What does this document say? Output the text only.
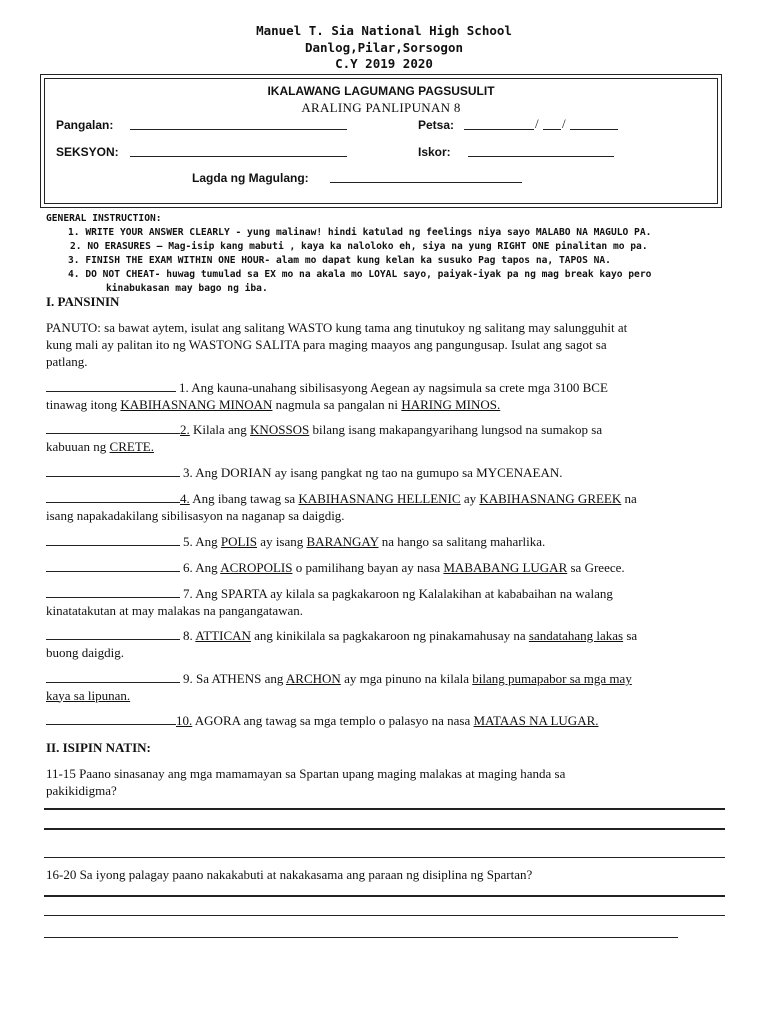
Manuel T. Sia National High School
Danlog,Pilar,Sorsogon
C.Y 2019 2020
IKALAWANG LAGUMANG PAGSUSULIT
ARALING PANLIPUNAN 8
Pangalan:	Petsa:	/ /
SEKSYON:	Iskor:
Lagda ng Magulang:
GENERAL INSTRUCTION:
1. WRITE YOUR ANSWER CLEARLY - yung malinaw! hindi katulad ng feelings niya sayo MALABO NA MAGULO PA.
2. NO ERASURES – Mag-isip kang mabuti , kaya ka naloloko eh, siya na yung RIGHT ONE pinalitan mo pa.
3. FINISH THE EXAM WITHIN ONE HOUR- alam mo dapat kung kelan ka susuko Pag tapos na, TAPOS NA.
4. DO NOT CHEAT- huwag tumulad sa EX mo na akala mo LOYAL sayo, paiyak-iyak pa ng mag break kayo pero
kinabukasan may bago ng iba.
I. PANSININ
PANUTO: sa bawat aytem, isulat ang salitang WASTO kung tama ang tinutukoy ng salitang may salungguhit at
kung mali ay palitan ito ng WASTONG SALITA para maging maayos ang pangungusap. Isulat ang sagot sa
patlang.
1. Ang kauna-unahang sibilisasyong Aegean ay nagsimula sa crete mga 3100 BCE
tinawag itong KABIHASNANG MINOAN nagmula sa pangalan ni HARING MINOS.
2. Kilala ang KNOSSOS bilang isang makapangyarihang lungsod na sumakop sa
kabuuan ng CRETE.
3. Ang DORIAN ay isang pangkat ng tao na gumupo sa MYCENAEAN.
4. Ang ibang tawag sa KABIHASNANG HELLENIC ay KABIHASNANG GREEK na
isang napakadakilang sibilisasyon na naganap sa daigdig.
5. Ang POLIS ay isang BARANGAY na hango sa salitang maharlika.
6. Ang ACROPOLIS o pamilihang bayan ay nasa MABABANG LUGAR sa Greece.
7. Ang SPARTA ay kilala sa pagkakaroon ng Kalalakihan at kababaihan na walang
kinatatakutan at may malakas na pangangatawan.
8. ATTICAN ang kinikilala sa pagkakaroon ng pinakamahusay na sandatahang lakas sa
buong daigdig.
9. Sa ATHENS ang ARCHON ay mga pinuno na kilala bilang pumapabor sa mga may
kaya sa lipunan.
10. AGORA ang tawag sa mga templo o palasyo na nasa MATAAS NA LUGAR.
II. ISIPIN NATIN:
11-15 Paano sinasanay ang mga mamamayan sa Spartan upang maging malakas at maging handa sa
pakikidigma?
16-20 Sa iyong palagay paano nakakabuti at nakakasama ang paraan ng disiplina ng Spartan?
